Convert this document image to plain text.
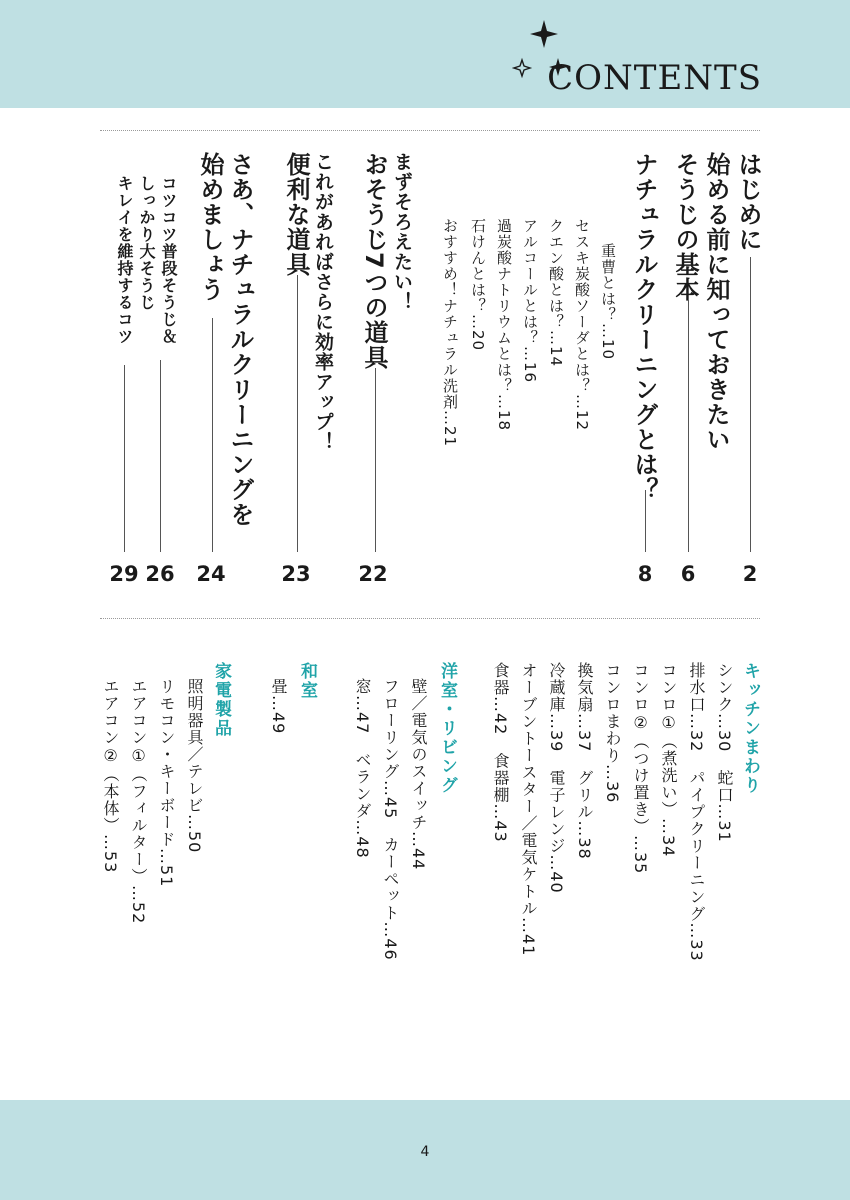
CONTENTS
はじめに
2
始める前に知っておきたい
そうじの基本
6
ナチュラルクリーニングとは？
8
重曹とは？…10
セスキ炭酸ソーダとは？…12
クエン酸とは？…14
アルコールとは？…16
過炭酸ナトリウムとは？…18
石けんとは？…20
おすすめ！ナチュラル洗剤…21
まずそろえたい！
おそうじ7つの道具
22
これがあればさらに効率アップ！
便利な道具
23
さあ、ナチュラルクリーニングを
始めましょう
24
コツコツ普段そうじ＆
しっかり大そうじ
26
キレイを維持するコツ
29
キッチンまわり
シンク…30　蛇口…31
排水口…32　パイプクリーニング…33
コンロ①（煮洗い）…34
コンロ②（つけ置き）…35
コンロまわり…36
換気扇…37　グリル…38
冷蔵庫…39　電子レンジ…40
オーブントースター／電気ケトル…41
食器…42　食器棚…43
洋室・リビング
壁／電気のスイッチ…44
フローリング…45　カーペット…46
窓…47　ベランダ…48
和室
畳…49
家電製品
照明器具／テレビ…50
リモコン・キーボード…51
エアコン①（フィルター）…52
エアコン②（本体）…53
4
